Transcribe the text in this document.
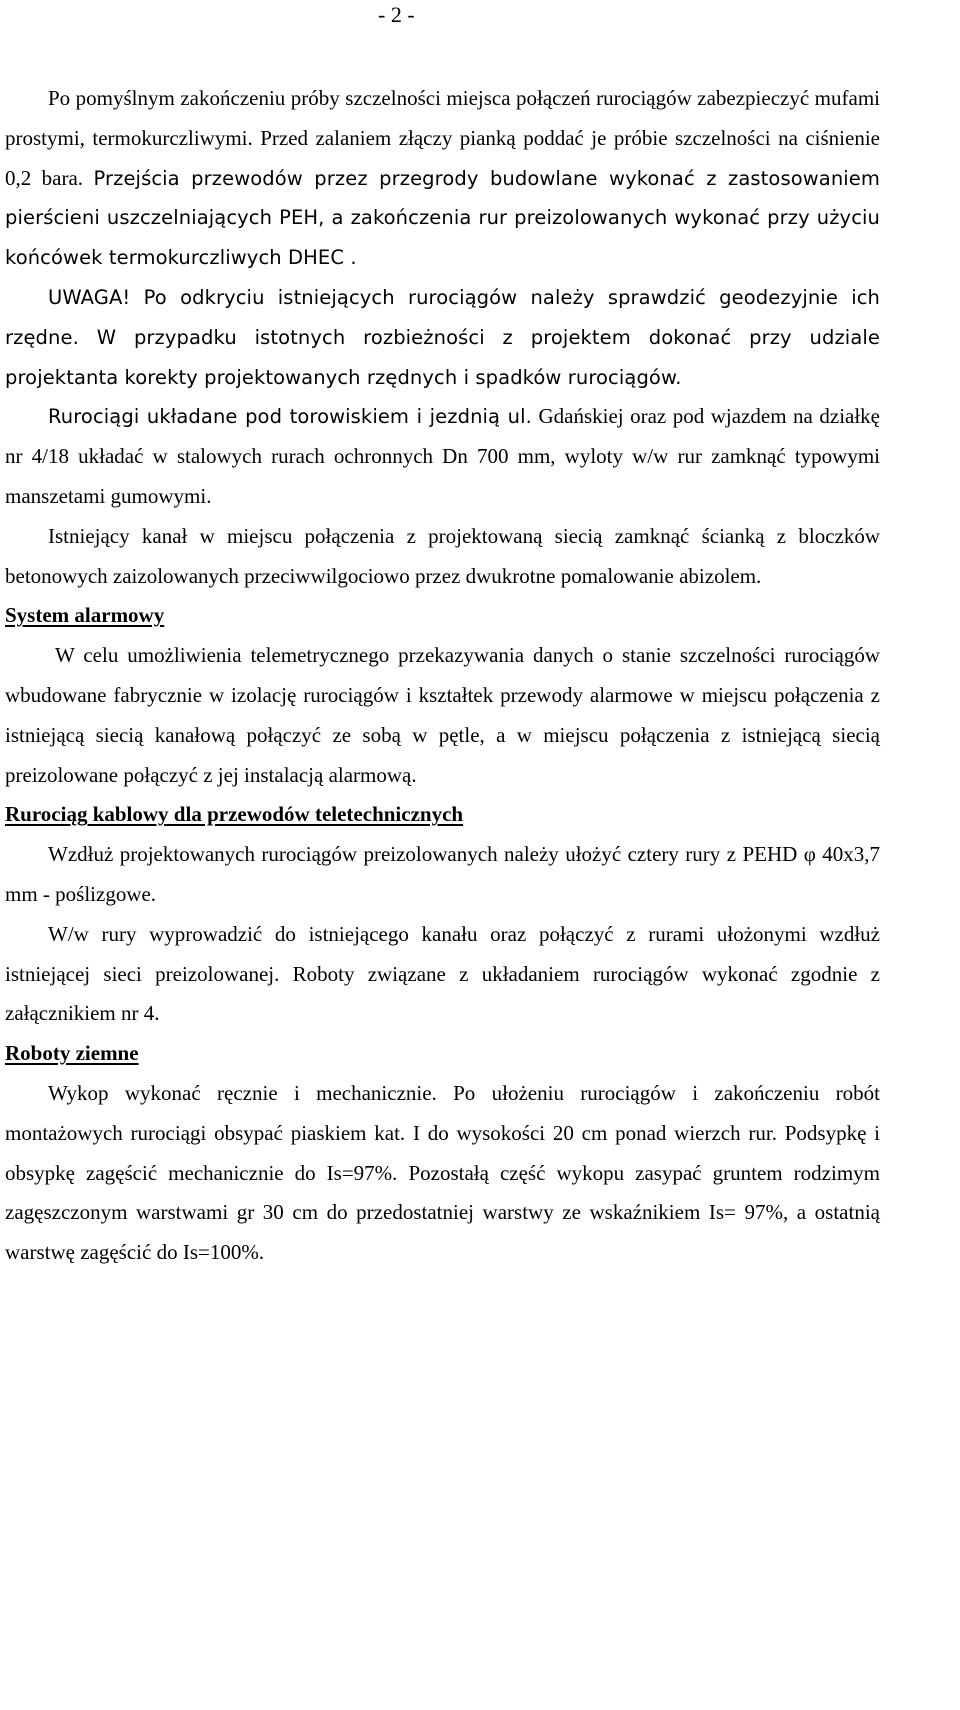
- 2 -

Po pomyślnym zakończeniu próby szczelności miejsca połączeń rurociągów zabezpieczyć mufami prostymi, termokurczliwymi. Przed zalaniem złączy pianką poddać je próbie szczelności na ciśnienie 0,2 bara. Przejścia przewodów przez przegrody budowlane wykonać z zastosowaniem pierścieni uszczelniających PEH, a zakończenia rur preizolowanych wykonać przy użyciu końcówek termokurczliwych DHEC .

UWAGA! Po odkryciu istniejących rurociągów należy sprawdzić geodezyjnie ich rzędne. W przypadku istotnych rozbieżności z projektem dokonać przy udziale projektanta korekty projektowanych rzędnych i spadków rurociągów.

Rurociągi układane pod torowiskiem i jezdnią ul. Gdańskiej oraz pod wjazdem na działkę nr 4/18 układać w stalowych rurach ochronnych Dn 700 mm, wyloty w/w rur zamknąć typowymi manszetami gumowymi.

Istniejący kanał w miejscu połączenia z projektowaną siecią zamknąć ścianką z bloczków betonowych zaizolowanych przeciwwilgociowo przez dwukrotne pomalowanie abizolem.

System alarmowy

W celu umożliwienia telemetrycznego przekazywania danych o stanie szczelności rurociągów wbudowane fabrycznie w izolację rurociągów i kształtek przewody alarmowe w miejscu połączenia z istniejącą siecią kanałową połączyć ze sobą w pętle, a w miejscu połączenia z istniejącą siecią preizolowane połączyć z jej instalacją alarmową.

Rurociąg kablowy dla przewodów teletechnicznych

Wzdłuż projektowanych rurociągów preizolowanych należy ułożyć cztery rury z PEHD φ 40x3,7 mm - poślizgowe.

W/w rury wyprowadzić do istniejącego kanału oraz połączyć z rurami ułożonymi wzdłuż istniejącej sieci preizolowanej. Roboty związane z układaniem rurociągów wykonać zgodnie z załącznikiem nr 4.

Roboty ziemne

Wykop wykonać ręcznie i mechanicznie. Po ułożeniu rurociągów i zakończeniu robót montażowych rurociągi obsypać piaskiem kat. I do wysokości 20 cm ponad wierzch rur. Podsypkę i obsypkę zagęścić mechanicznie do Is=97%. Pozostałą część wykopu zasypać gruntem rodzimym zagęszczonym warstwami gr 30 cm do przedostatniej warstwy ze wskaźnikiem Is= 97%, a ostatnią warstwę zagęścić do Is=100%.
